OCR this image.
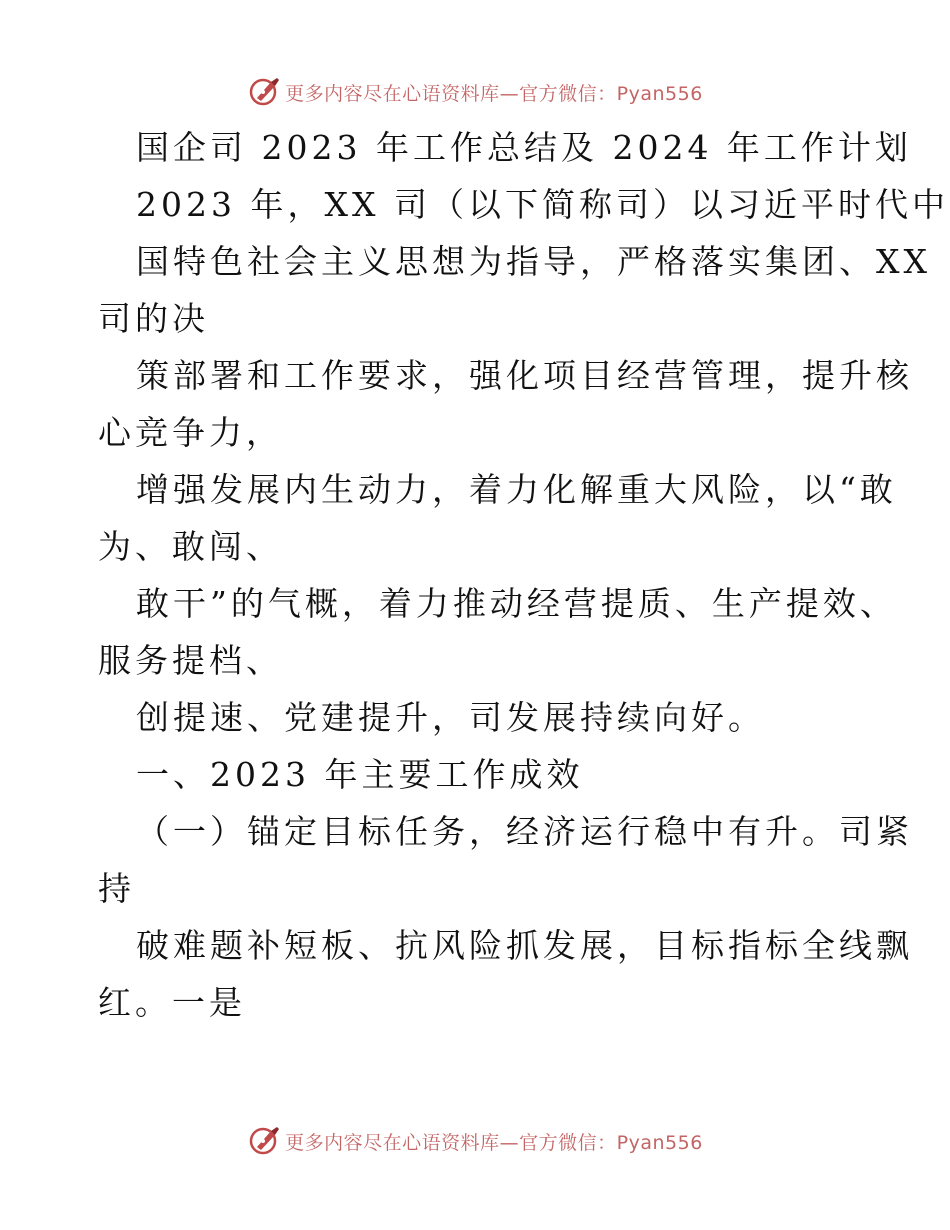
更多内容尽在心语资料库—官方微信：Pyan556
国企司 2023 年工作总结及 2024 年工作计划
2023 年，XX 司（以下简称司）以习近平时代中
国特色社会主义思想为指导，严格落实集团、XX
司的决
策部署和工作要求，强化项目经营管理，提升核
心竞争力，
增强发展内生动力，着力化解重大风险，以“敢
为、敢闯、
敢干”的气概，着力推动经营提质、生产提效、
服务提档、
创提速、党建提升，司发展持续向好。
一、2023 年主要工作成效
（一）锚定目标任务，经济运行稳中有升。司紧
持
破难题补短板、抗风险抓发展，目标指标全线飘
红。一是
更多内容尽在心语资料库—官方微信：Pyan556
